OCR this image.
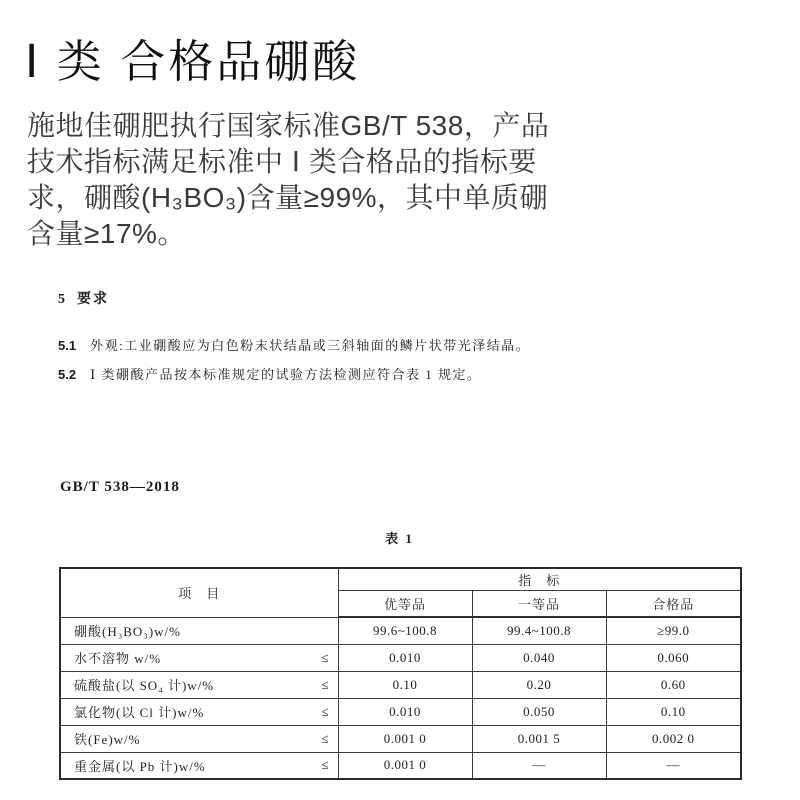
Ⅰ 类 合格品硼酸
施地佳硼肥执行国家标准GB/T 538，产品
技术指标满足标准中 Ⅰ 类合格品的指标要
求，硼酸(H₃BO₃)含量≥99%，其中单质硼
含量≥17%。
5 要求
5.1 外观:工业硼酸应为白色粉末状结晶或三斜轴面的鳞片状带光泽结晶。
5.2 Ⅰ 类硼酸产品按本标准规定的试验方法检测应符合表 1 规定。
GB/T 538—2018
表 1
项　目	指　标		
	优等品	一等品	合格品

硼酸(H₃BO₃)w/%	99.6~100.8	99.4~100.8	≥99.0

水不溶物 w/% ≤	0.010	0.040	0.060

硫酸盐(以 SO₄ 计)w/% ≤	0.10	0.20	0.60

氯化物(以 Cl 计)w/% ≤	0.010	0.050	0.10

铁(Fe)w/% ≤	0.001 0	0.001 5	0.002 0

重金属(以 Pb 计)w/% ≤	0.001 0	—	—
